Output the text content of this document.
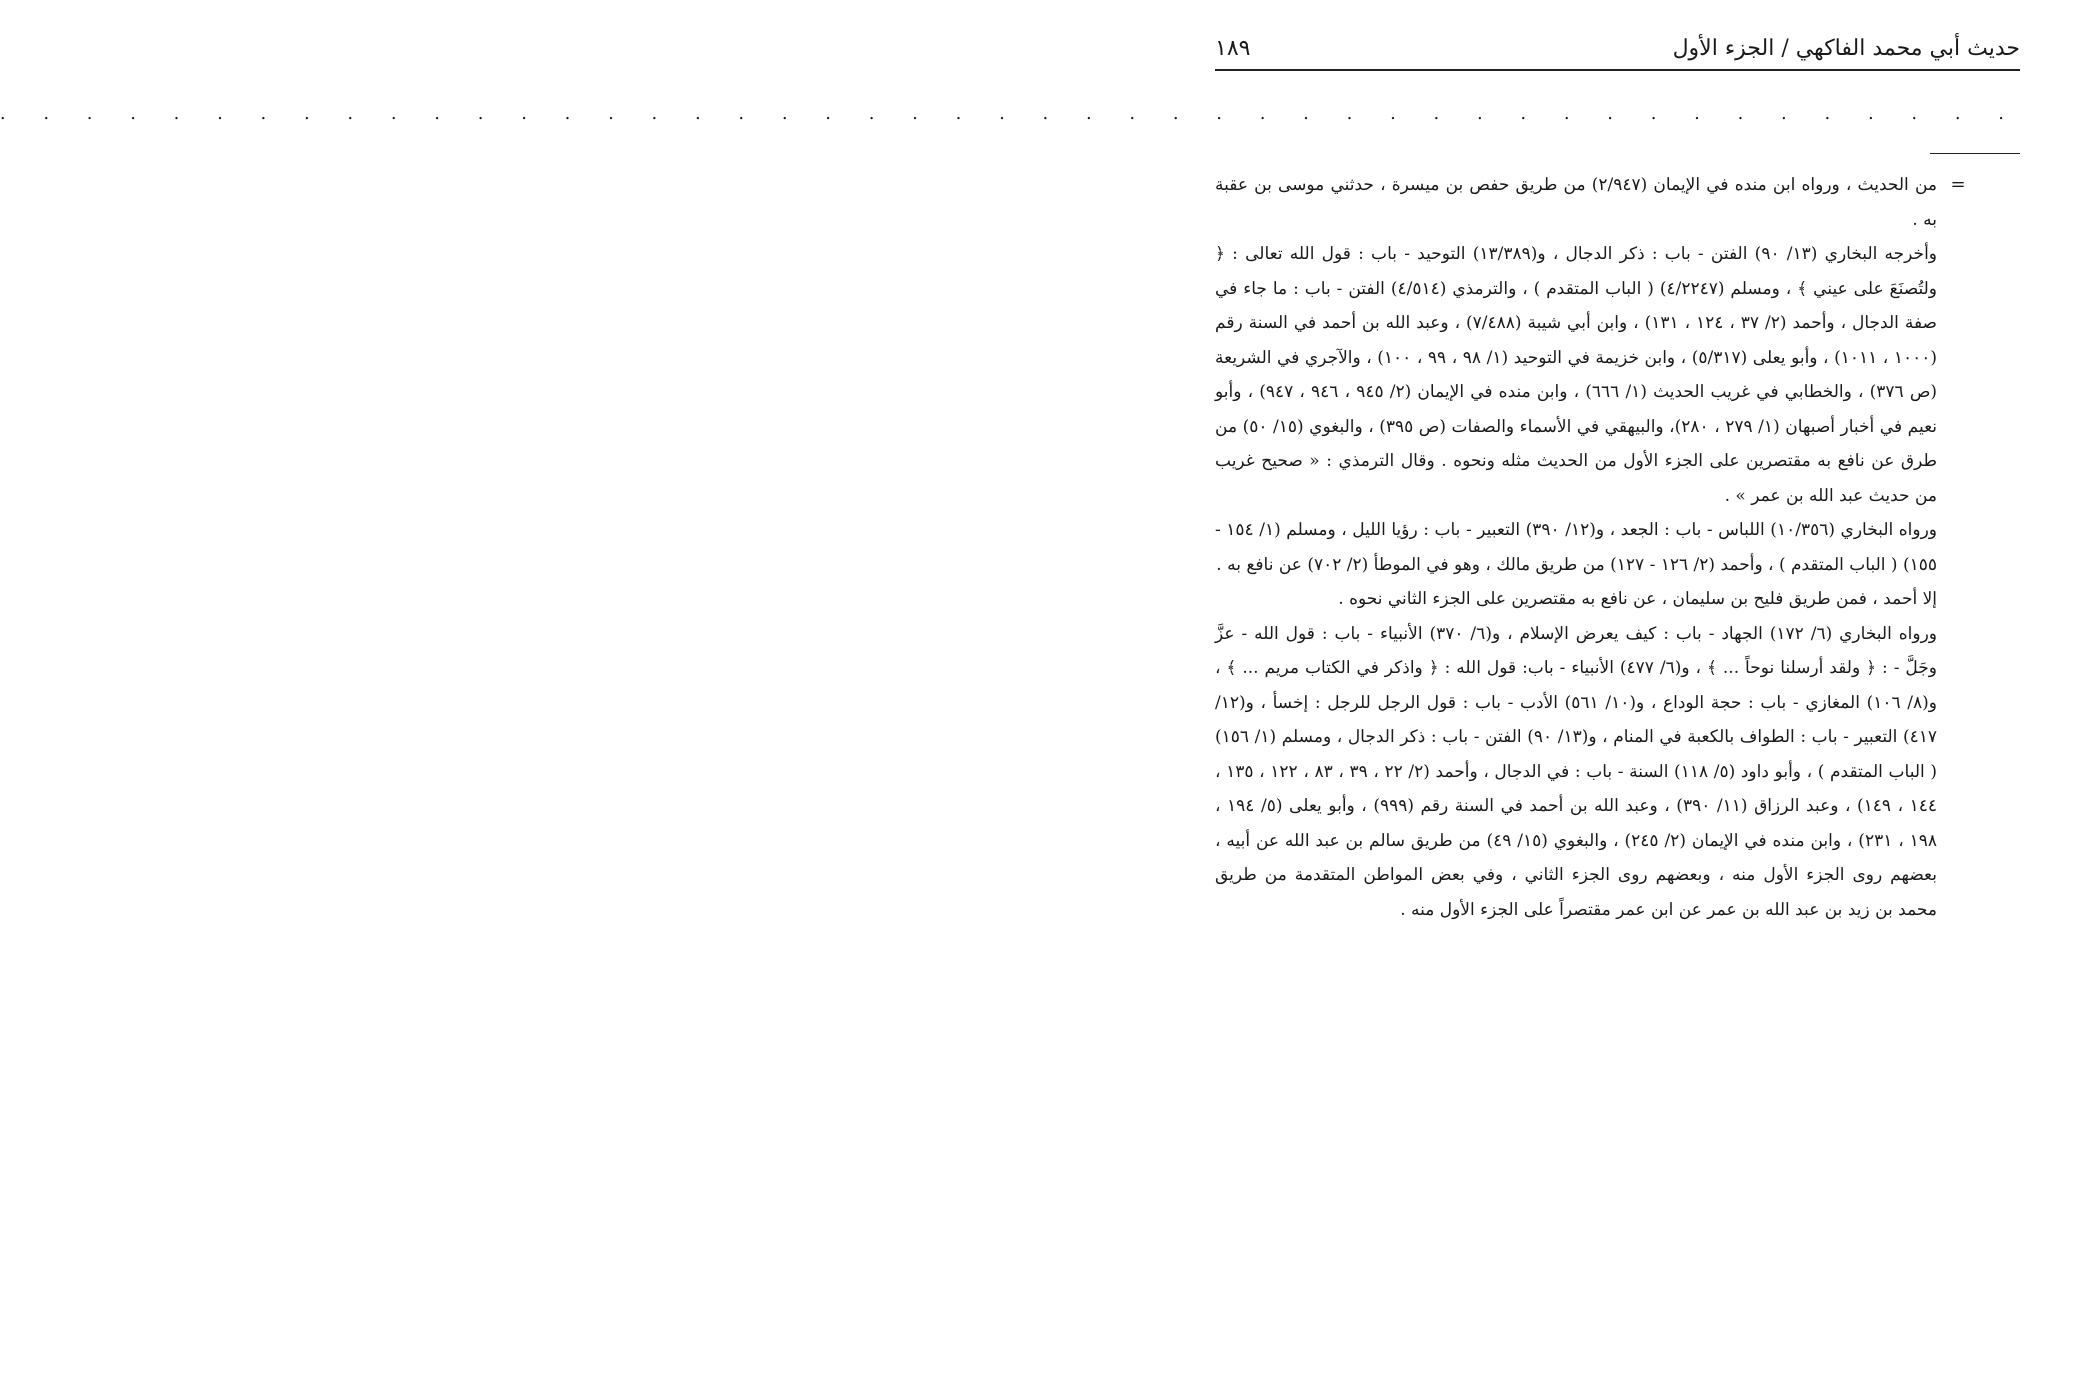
حديث أبي محمد الفاكهي / الجزء الأول
١٨٩
. . . . . . . . . . . . . . . . . . . . . . . . . . . . . . . . . . . . . . . . . . . . . . .
=

من الحديث ، ورواه ابن منده في الإيمان (٢/٩٤٧) من طريق حفص بن ميسرة ، حدثني موسى بن عقبة به .

وأخرجه البخاري (١٣/ ٩٠) الفتن - باب : ذكر الدجال ، و(١٣/٣٨٩) التوحيد - باب : قول الله تعالى : ﴿ ولتُصنَعَ على عيني ﴾ ، ومسلم (٤/٢٢٤٧) ( الباب المتقدم ) ، والترمذي (٤/٥١٤) الفتن - باب : ما جاء في صفة الدجال ، وأحمد (٢/ ٣٧ ، ١٢٤ ، ١٣١) ، وابن أبي شيبة (٧/٤٨٨) ، وعبد الله بن أحمد في السنة رقم (١٠٠٠ ، ١٠١١) ، وأبو يعلى (٥/٣١٧) ، وابن خزيمة في التوحيد (١/ ٩٨ ، ٩٩ ، ١٠٠) ، والآجري في الشريعة (ص ٣٧٦) ، والخطابي في غريب الحديث (١/ ٦٦٦) ، وابن منده في الإيمان (٢/ ٩٤٥ ، ٩٤٦ ، ٩٤٧) ، وأبو نعيم في أخبار أصبهان (١/ ٢٧٩ ، ٢٨٠)، والبيهقي في الأسماء والصفات (ص ٣٩٥) ، والبغوي (١٥/ ٥٠) من طرق عن نافع به مقتصرين على الجزء الأول من الحديث مثله ونحوه . وقال الترمذي : « صحيح غريب من حديث عبد الله بن عمر » .

ورواه البخاري (١٠/٣٥٦) اللباس - باب : الجعد ، و(١٢/ ٣٩٠) التعبير - باب : رؤيا الليل ، ومسلم (١/ ١٥٤ - ١٥٥) ( الباب المتقدم ) ، وأحمد (٢/ ١٢٦ - ١٢٧) من طريق مالك ، وهو في الموطأ (٢/ ٧٠٢) عن نافع به .

إلا أحمد ، فمن طريق فليح بن سليمان ، عن نافع به مقتصرين على الجزء الثاني نحوه .

ورواه البخاري (٦/ ١٧٢) الجهاد - باب : كيف يعرض الإسلام ، و(٦/ ٣٧٠) الأنبياء - باب : قول الله - عزَّ وجَلَّ - : ﴿ ولقد أرسلنا نوحاً ... ﴾ ، و(٦/ ٤٧٧) الأنبياء - باب: قول الله : ﴿ واذكر في الكتاب مريم ... ﴾ ، و(٨/ ١٠٦) المغازي - باب : حجة الوداع ، و(١٠/ ٥٦١) الأدب - باب : قول الرجل للرجل : إخسأ ، و(١٢/ ٤١٧) التعبير - باب : الطواف بالكعبة في المنام ، و(١٣/ ٩٠) الفتن - باب : ذكر الدجال ، ومسلم (١/ ١٥٦) ( الباب المتقدم ) ، وأبو داود (٥/ ١١٨) السنة - باب : في الدجال ، وأحمد (٢/ ٢٢ ، ٣٩ ، ٨٣ ، ١٢٢ ، ١٣٥ ، ١٤٤ ، ١٤٩) ، وعبد الرزاق (١١/ ٣٩٠) ، وعبد الله بن أحمد في السنة رقم (٩٩٩) ، وأبو يعلى (٥/ ١٩٤ ، ١٩٨ ، ٢٣١) ، وابن منده في الإيمان (٢/ ٢٤٥) ، والبغوي (١٥/ ٤٩) من طريق سالم بن عبد الله عن أبيه ، بعضهم روى الجزء الأول منه ، وبعضهم روى الجزء الثاني ، وفي بعض المواطن المتقدمة من طريق محمد بن زيد بن عبد الله بن عمر عن ابن عمر مقتصراً على الجزء الأول منه .
